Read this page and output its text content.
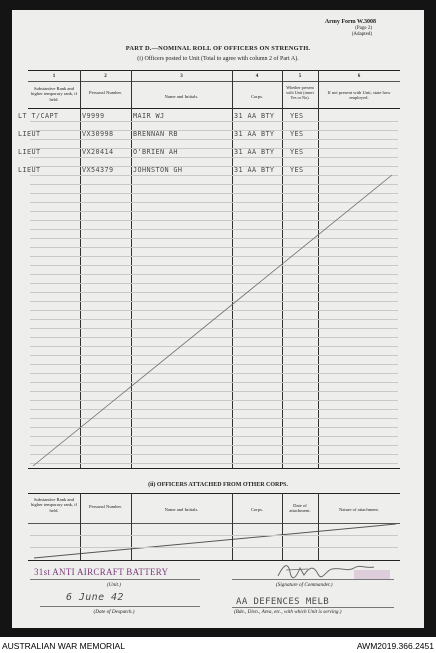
Army Form W.3008
(Page 2)
(Adapted)
PART D.—NOMINAL ROLL OF OFFICERS ON STRENGTH.
(i) Officers posted to Unit (Total to agree with column 2 of Part A).
1	2	3	4	5	6
Substantive Rank and higher temporary rank, if held.
Personal Number.
Name and Initials.	Corps.
Whether present with Unit (insert Yes or No).
If not present with Unit, state how employed.
LT T/CAPT	V9999	MAIR WJ	31 AA BTY YES
LIEUT	VX30998	BRENNAN RB	31 AA BTY YES
LIEUT	VX20414	O'BRIEN AH	31 AA BTY YES
LIEUT	VX54379	JOHNSTON GH	31 AA BTY YES
(ii) OFFICERS ATTACHED FROM OTHER CORPS.
Substantive Rank and higher temporary rank, if held.
Personal Number.
Name and Initials.	Corps.
Date of attachment.	Nature of attachment.
31st ANTI AIRCRAFT BATTERY
(Unit.)
6 June 42
(Date of Despatch.)
(Signature of Commander.)
AA DEFENCES MELB
(Bde., Divn., Area, etc., with which Unit is serving.)
AUSTRALIAN WAR MEMORIAL	AWM2019.366.2451
